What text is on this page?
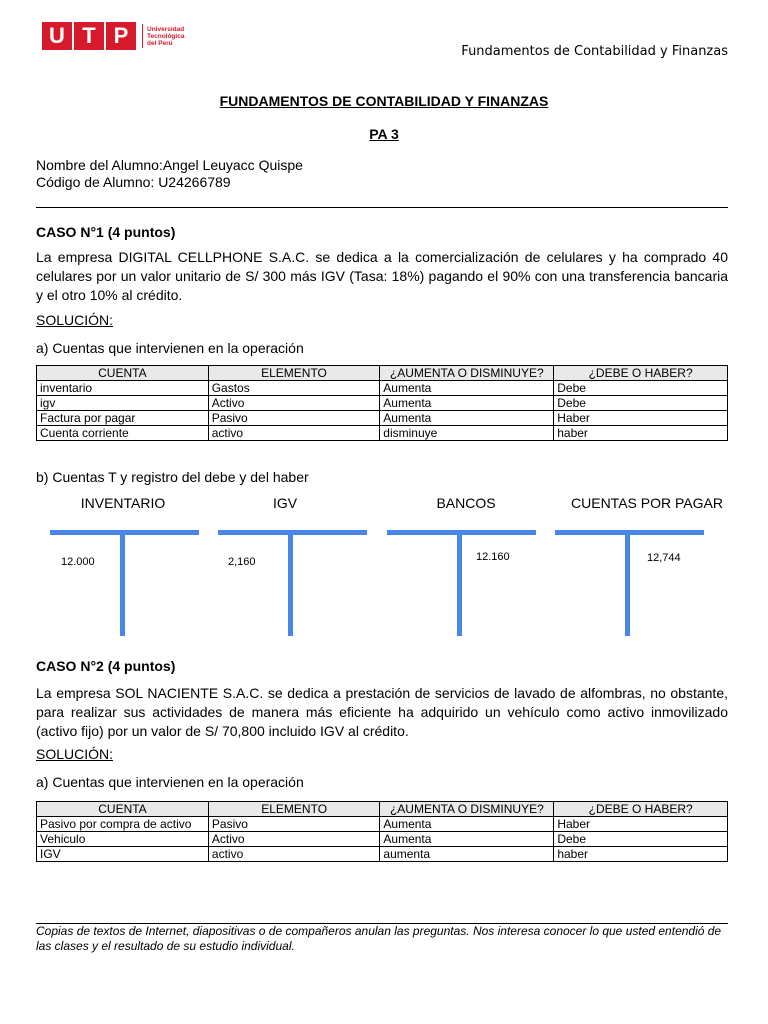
U T P	Universidad
Tecnológica
del Perú
Fundamentos de Contabilidad y Finanzas
FUNDAMENTOS DE CONTABILIDAD Y FINANZAS
PA 3
Nombre del Alumno:Angel Leuyacc Quispe
Código de Alumno: U24266789
CASO N°1 (4 puntos)
La empresa DIGITAL CELLPHONE S.A.C. se dedica a la comercialización de celulares y ha comprado 40 celulares por un valor unitario de S/ 300 más IGV (Tasa: 18%) pagando el 90% con una transferencia bancaria y el otro 10% al crédito.
SOLUCIÓN:
a) Cuentas que intervienen en la operación
CUENTA	ELEMENTO	¿AUMENTA O DISMINUYE?	¿DEBE O HABER?
inventario	Gastos	Aumenta	Debe
igv	Activo	Aumenta	Debe
Factura por pagar	Pasivo	Aumenta	Haber
Cuenta corriente	activo	disminuye	haber
b) Cuentas T y registro del debe y del haber
INVENTARIO	IGV	BANCOS	CUENTAS POR PAGAR
12.000	2,160	12.160	12,744
CASO N°2 (4 puntos)
La empresa SOL NACIENTE S.A.C. se dedica a prestación de servicios de lavado de alfombras, no obstante, para realizar sus actividades de manera más eficiente ha adquirido un vehículo como activo inmovilizado (activo fijo) por un valor de S/ 70,800 incluido IGV al crédito.
SOLUCIÓN:
a) Cuentas que intervienen en la operación
CUENTA	ELEMENTO	¿AUMENTA O DISMINUYE?	¿DEBE O HABER?
Pasivo por compra de activo	Pasivo	Aumenta	Haber
Vehiculo	Activo	Aumenta	Debe
IGV	activo	aumenta	haber
Copias de textos de Internet, diapositivas o de compañeros anulan las preguntas. Nos interesa conocer lo que usted entendió de las clases y el resultado de su estudio individual.
